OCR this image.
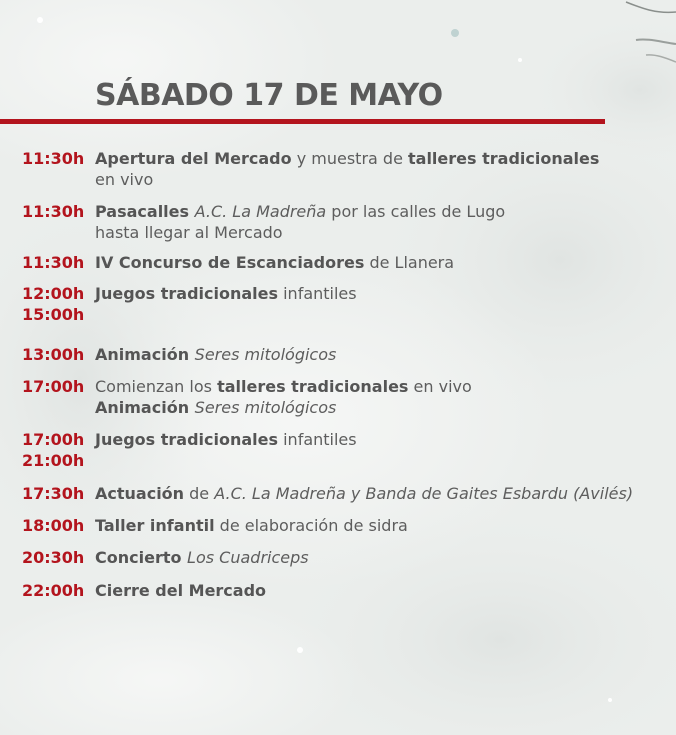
SÁBADO 17 DE MAYO
11:30h Apertura del Mercado y muestra de talleres tradicionales
en vivo
11:30h Pasacalles A.C. La Madreña por las calles de Lugo
hasta llegar al Mercado
11:30h IV Concurso de Escanciadores de Llanera
12:00h
15:00h
Juegos tradicionales infantiles
13:00h Animación Seres mitológicos
17:00h Comienzan los talleres tradicionales en vivo
Animación Seres mitológicos
17:00h
21:00h
Juegos tradicionales infantiles
17:30h Actuación de A.C. La Madreña y Banda de Gaites Esbardu (Avilés)
18:00h Taller infantil de elaboración de sidra
20:30h Concierto Los Cuadriceps
22:00h Cierre del Mercado
